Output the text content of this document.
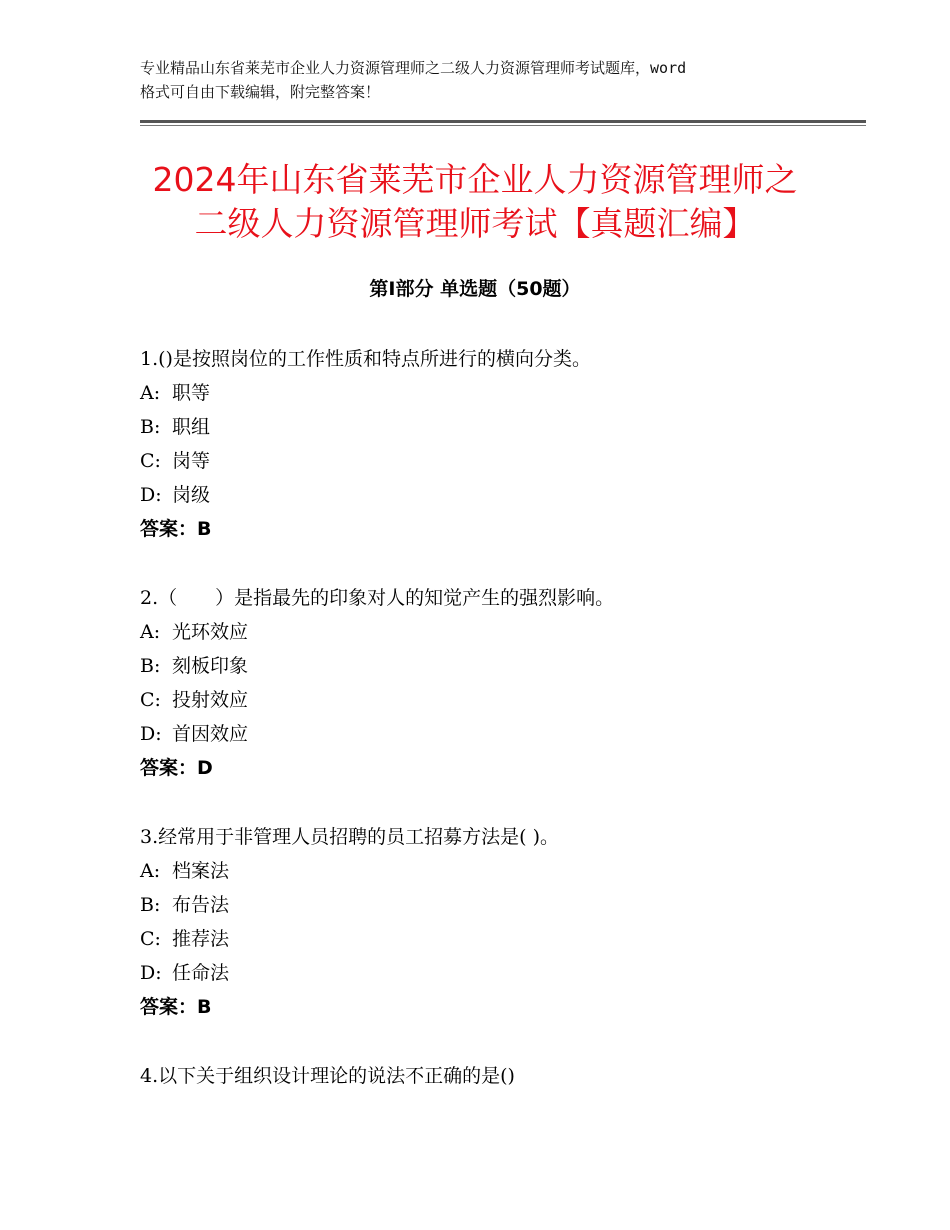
专业精品山东省莱芜市企业人力资源管理师之二级人力资源管理师考试题库，word
格式可自由下载编辑，附完整答案！
2024年山东省莱芜市企业人力资源管理师之
二级人力资源管理师考试【真题汇编】
第Ⅰ部分 单选题（50题）
1.()是按照岗位的工作性质和特点所进行的横向分类。
A: 职等
B: 职组
C: 岗等
D: 岗级
答案：B
2.（　　）是指最先的印象对人的知觉产生的强烈影响。
A: 光环效应
B: 刻板印象
C: 投射效应
D: 首因效应
答案：D
3.经常用于非管理人员招聘的员工招募方法是( )。
A: 档案法
B: 布告法
C: 推荐法
D: 任命法
答案：B
4.以下关于组织设计理论的说法不正确的是()
